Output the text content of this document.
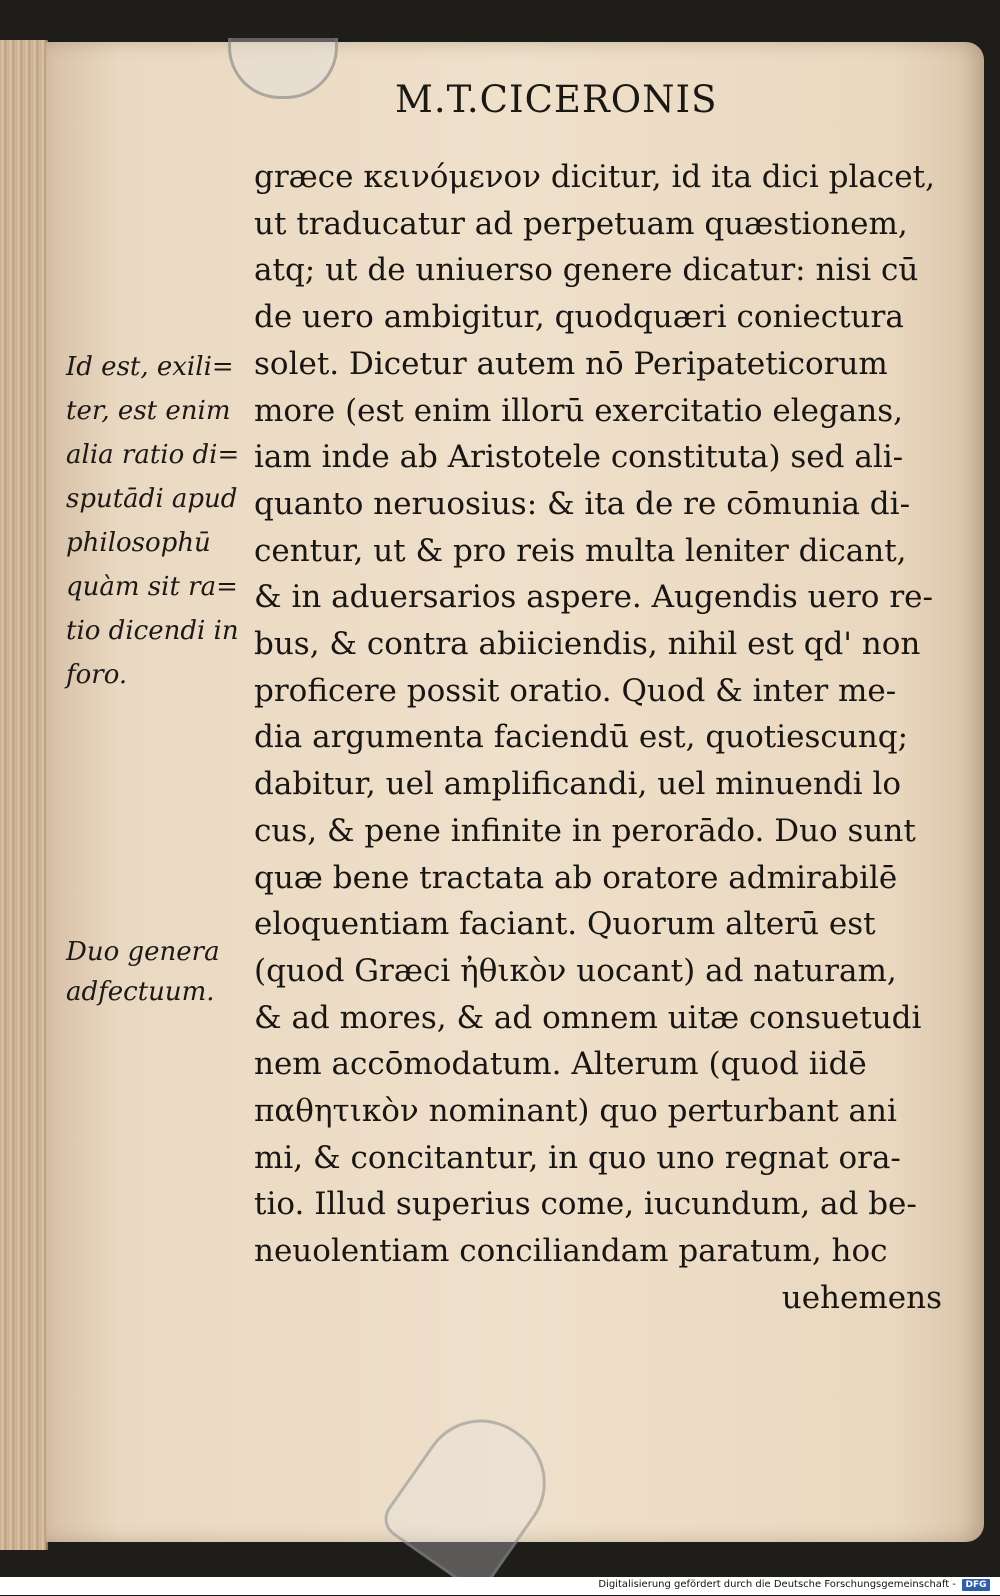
M.T.CICERONIS
græce κεινόμενον dicitur, id ita dici placet,
ut traducatur ad perpetuam quæstionem,
atq; ut de uniuerso genere dicatur: nisi cū
de uero ambigitur, quodquæri coniectura
solet. Dicetur autem nō Peripateticorum
more (est enim illorū exercitatio elegans,
iam inde ab Aristotele constituta) sed ali-
quanto neruosius: & ita de re cōmunia di-
centur, ut & pro reis multa leniter dicant,
& in aduersarios aspere. Augendis uero re-
bus, & contra abiiciendis, nihil est qd' non
proficere possit oratio. Quod & inter me-
dia argumenta faciendū est, quotiescunq;
dabitur, uel amplificandi, uel minuendi lo
cus, & pene infinite in perorādo. Duo sunt
quæ bene tractata ab oratore admirabilē
eloquentiam faciant. Quorum alterū est
(quod Græci ἠθικὸν uocant) ad naturam,
& ad mores, & ad omnem uitæ consuetudi
nem accōmodatum. Alterum (quod iidē
παθητικὸν nominant) quo perturbant ani
mi, & concitantur, in quo uno regnat ora-
tio. Illud superius come, iucundum, ad be-
neuolentiam conciliandam paratum, hoc
uehemens
Id est, exili=
ter, est enim
alia ratio di=
sputādi apud
philosophū
quàm sit ra=
tio dicendi in
foro.
Duo genera
adfectuum.
Digitalisierung gefördert durch die Deutsche Forschungsgemeinschaft -	DFG
